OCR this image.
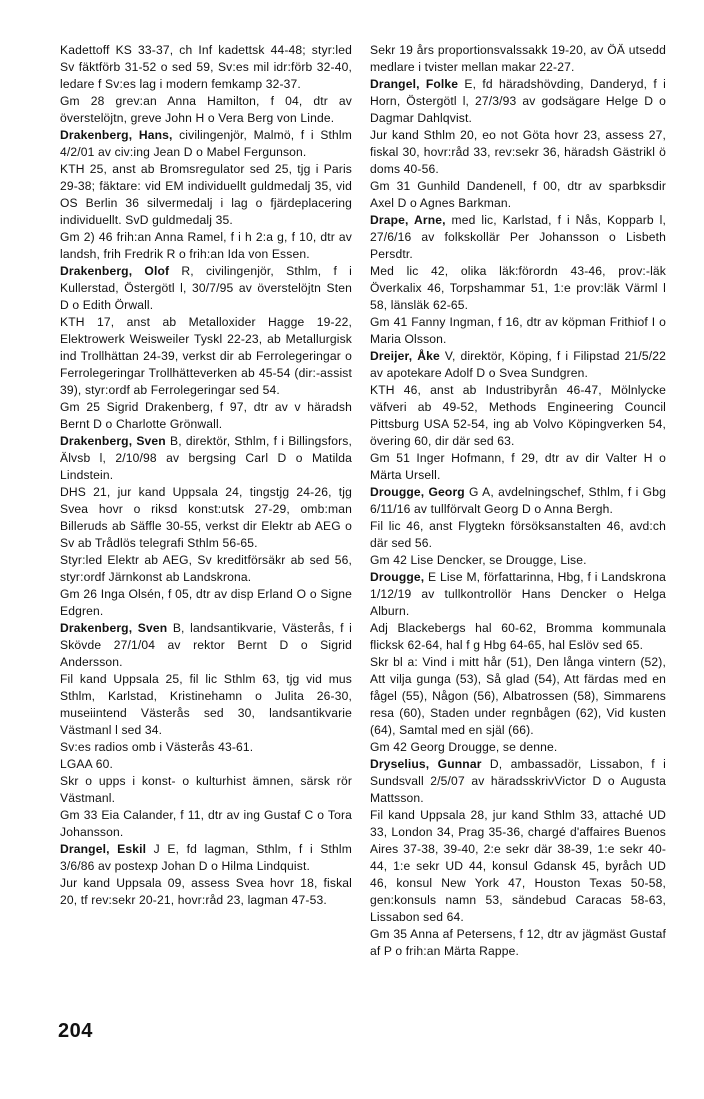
Kadettoff KS 33-37, ch Inf kadettsk 44-48; styr:led Sv fäktförb 31-52 o sed 59, Sv:es mil idr:förb 32-40, ledare f Sv:es lag i modern femkamp 32-37.

Gm 28 grev:an Anna Hamilton, f 04, dtr av överstelöjtn, greve John H o Vera Berg von Linde.

Drakenberg, Hans, civilingenjör, Malmö, f i Sthlm 4/2/01 av civ:ing Jean D o Mabel Fergunson.

KTH 25, anst ab Bromsregulator sed 25, tjg i Paris 29-38; fäktare: vid EM individuellt guldmedalj 35, vid OS Berlin 36 silvermedalj i lag o fjärdeplacering individuellt. SvD guldmedalj 35.

Gm 2) 46 frih:an Anna Ramel, f i h 2:a g, f 10, dtr av landsh, frih Fredrik R o frih:an Ida von Essen.

Drakenberg, Olof R, civilingenjör, Sthlm, f i Kullerstad, Östergötl l, 30/7/95 av överstelöjtn Sten D o Edith Örwall.

KTH 17, anst ab Metalloxider Hagge 19-22, Elektrowerk Weisweiler Tyskl 22-23, ab Metallurgisk ind Trollhättan 24-39, verkst dir ab Ferrolegeringar o Ferrolegeringar Trollhätteverken ab 45-54 (dir:-assist 39), styr:ordf ab Ferrolegeringar sed 54.

Gm 25 Sigrid Drakenberg, f 97, dtr av v häradsh Bernt D o Charlotte Grönwall.

Drakenberg, Sven B, direktör, Sthlm, f i Billingsfors, Älvsb l, 2/10/98 av bergsing Carl D o Matilda Lindstein.

DHS 21, jur kand Uppsala 24, tingstjg 24-26, tjg Svea hovr o riksd konst:utsk 27-29, omb:man Billeruds ab Säffle 30-55, verkst dir Elektr ab AEG o Sv ab Trådlös telegrafi Sthlm 56-65.

Styr:led Elektr ab AEG, Sv kreditförsäkr ab sed 56, styr:ordf Järnkonst ab Landskrona.

Gm 26 Inga Olsén, f 05, dtr av disp Erland O o Signe Edgren.

Drakenberg, Sven B, landsantikvarie, Västerås, f i Skövde 27/1/04 av rektor Bernt D o Sigrid Andersson.

Fil kand Uppsala 25, fil lic Sthlm 63, tjg vid mus Sthlm, Karlstad, Kristinehamn o Julita 26-30, museiintend Västerås sed 30, landsantikvarie Västmanl l sed 34.

Sv:es radios omb i Västerås 43-61.

LGAA 60.

Skr o upps i konst- o kulturhist ämnen, särsk rör Västmanl.

Gm 33 Eia Calander, f 11, dtr av ing Gustaf C o Tora Johansson.

Drangel, Eskil J E, fd lagman, Sthlm, f i Sthlm 3/6/86 av postexp Johan D o Hilma Lindquist.

Jur kand Uppsala 09, assess Svea hovr 18, fiskal 20, tf rev:sekr 20-21, hovr:råd 23, lagman 47-53.

Sekr 19 års proportionsvalssakk 19-20, av ÖÄ utsedd medlare i tvister mellan makar 22-27.

Drangel, Folke E, fd häradshövding, Danderyd, f i Horn, Östergötl l, 27/3/93 av godsägare Helge D o Dagmar Dahlqvist.

Jur kand Sthlm 20, eo not Göta hovr 23, assess 27, fiskal 30, hovr:råd 33, rev:sekr 36, häradsh Gästrikl ö doms 40-56.

Gm 31 Gunhild Dandenell, f 00, dtr av sparbksdir Axel D o Agnes Barkman.

Drape, Arne, med lic, Karlstad, f i Nås, Kopparb l, 27/6/16 av folkskollär Per Johansson o Lisbeth Persdtr.

Med lic 42, olika läk:förordn 43-46, prov:-läk Överkalix 46, Torpshammar 51, 1:e prov:läk Värml l 58, länsläk 62-65.

Gm 41 Fanny Ingman, f 16, dtr av köpman Frithiof I o Maria Olsson.

Dreijer, Åke V, direktör, Köping, f i Filipstad 21/5/22 av apotekare Adolf D o Svea Sundgren.

KTH 46, anst ab Industribyrån 46-47, Mölnlycke väfveri ab 49-52, Methods Engineering Council Pittsburg USA 52-54, ing ab Volvo Köpingverken 54, övering 60, dir där sed 63.

Gm 51 Inger Hofmann, f 29, dtr av dir Valter H o Märta Ursell.

Drougge, Georg G A, avdelningschef, Sthlm, f i Gbg 6/11/16 av tullförvalt Georg D o Anna Bergh.

Fil lic 46, anst Flygtekn försöksanstalten 46, avd:ch där sed 56.

Gm 42 Lise Dencker, se Drougge, Lise.

Drougge, E Lise M, författarinna, Hbg, f i Landskrona 1/12/19 av tullkontrollör Hans Dencker o Helga Alburn.

Adj Blackebergs hal 60-62, Bromma kommunala flicksk 62-64, hal f g Hbg 64-65, hal Eslöv sed 65.

Skr bl a: Vind i mitt hår (51), Den långa vintern (52), Att vilja gunga (53), Så glad (54), Att färdas med en fågel (55), Någon (56), Albatrossen (58), Simmarens resa (60), Staden under regnbågen (62), Vid kusten (64), Samtal med en själ (66).

Gm 42 Georg Drougge, se denne.

Dryselius, Gunnar D, ambassadör, Lissabon, f i Sundsvall 2/5/07 av häradsskrivVictor D o Augusta Mattsson.

Fil kand Uppsala 28, jur kand Sthlm 33, attaché UD 33, London 34, Prag 35-36, chargé d'affaires Buenos Aires 37-38, 39-40, 2:e sekr där 38-39, 1:e sekr 40-44, 1:e sekr UD 44, konsul Gdansk 45, byråch UD 46, konsul New York 47, Houston Texas 50-58, gen:konsuls namn 53, sändebud Caracas 58-63, Lissabon sed 64.

Gm 35 Anna af Petersens, f 12, dtr av jägmäst Gustaf af P o frih:an Märta Rappe.

204
